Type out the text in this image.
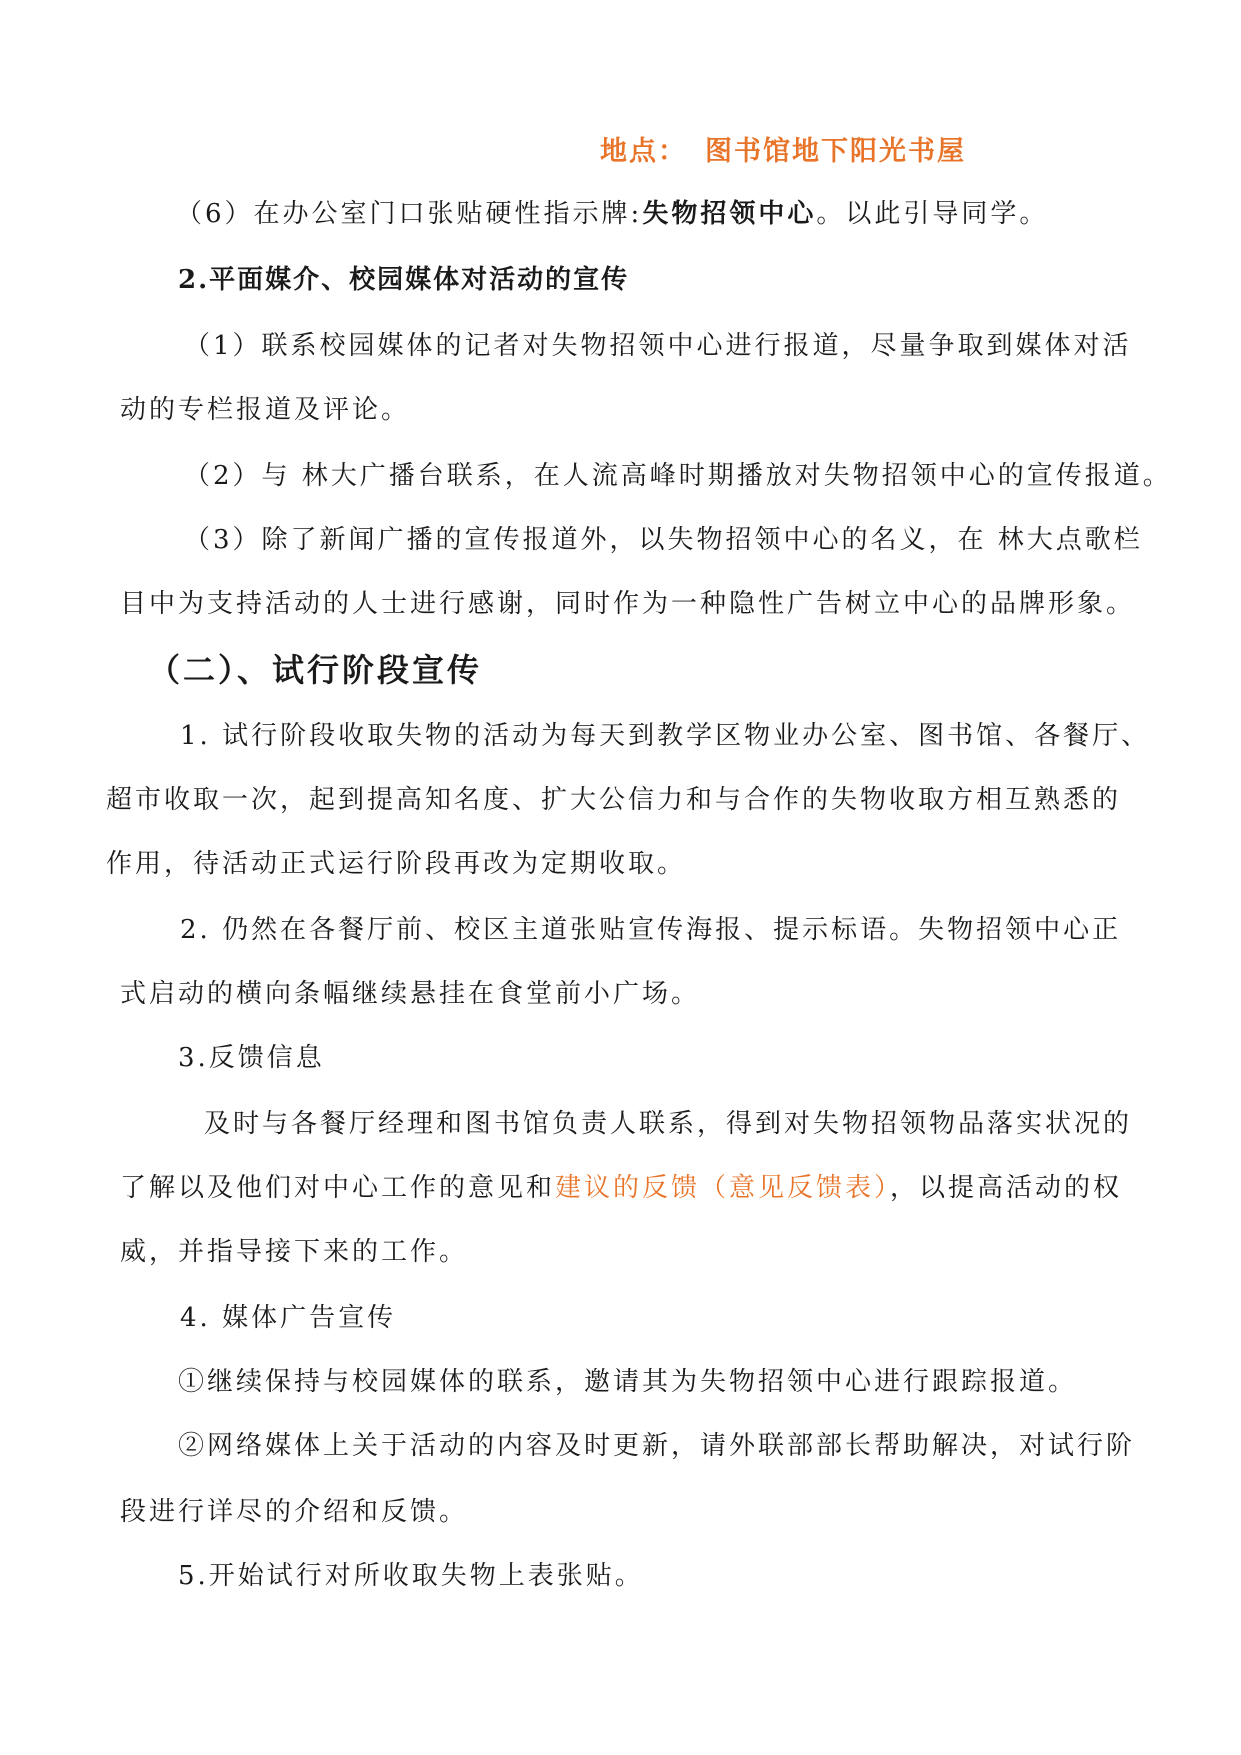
地点： 图书馆地下阳光书屋
（6）在办公室门口张贴硬性指示牌:失物招领中心。以此引导同学。
2.平面媒介、校园媒体对活动的宣传
（1）联系校园媒体的记者对失物招领中心进行报道，尽量争取到媒体对活
动的专栏报道及评论。
（2）与 林大广播台联系，在人流高峰时期播放对失物招领中心的宣传报道。
（3）除了新闻广播的宣传报道外，以失物招领中心的名义，在 林大点歌栏
目中为支持活动的人士进行感谢，同时作为一种隐性广告树立中心的品牌形象。
（二）、试行阶段宣传
1. 试行阶段收取失物的活动为每天到教学区物业办公室、图书馆、各餐厅、
超市收取一次，起到提高知名度、扩大公信力和与合作的失物收取方相互熟悉的
作用，待活动正式运行阶段再改为定期收取。
2. 仍然在各餐厅前、校区主道张贴宣传海报、提示标语。失物招领中心正
式启动的横向条幅继续悬挂在食堂前小广场。
3.反馈信息
及时与各餐厅经理和图书馆负责人联系，得到对失物招领物品落实状况的
了解以及他们对中心工作的意见和建议的反馈（意见反馈表），以提高活动的权
威，并指导接下来的工作。
4. 媒体广告宣传
①继续保持与校园媒体的联系，邀请其为失物招领中心进行跟踪报道。
②网络媒体上关于活动的内容及时更新，请外联部部长帮助解决，对试行阶
段进行详尽的介绍和反馈。
5.开始试行对所收取失物上表张贴。
